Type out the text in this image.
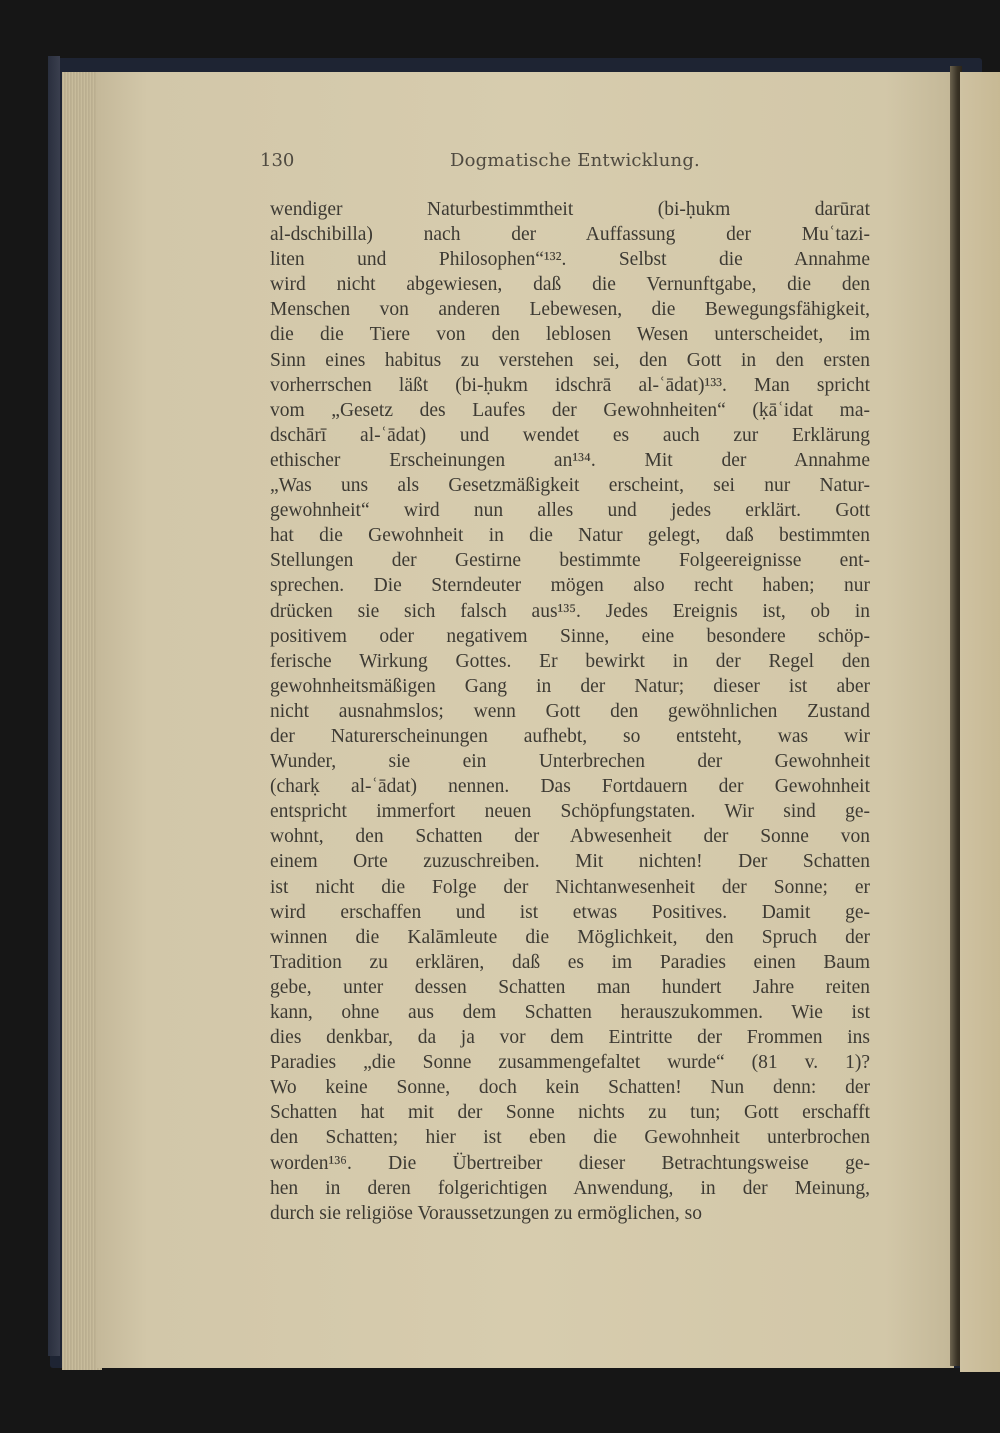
130	Dogmatische Entwicklung.
wendiger Naturbestimmtheit (bi-ḥukm darūrat
al-dschibilla) nach der Auffassung der Muʿtazi-
liten und Philosophen“¹³². Selbst die Annahme
wird nicht abgewiesen, daß die Vernunftgabe, die den
Menschen von anderen Lebewesen, die Bewegungsfähigkeit,
die die Tiere von den leblosen Wesen unterscheidet, im
Sinn eines habitus zu verstehen sei, den Gott in den ersten
vorherrschen läßt (bi-ḥukm idschrā al-ʿādat)¹³³. Man spricht
vom „Gesetz des Laufes der Gewohnheiten“ (ḳāʿidat ma-
dschārī al-ʿādat) und wendet es auch zur Erklärung
ethischer Erscheinungen an¹³⁴. Mit der Annahme
„Was uns als Gesetzmäßigkeit erscheint, sei nur Natur-
gewohnheit“ wird nun alles und jedes erklärt. Gott
hat die Gewohnheit in die Natur gelegt, daß bestimmten
Stellungen der Gestirne bestimmte Folgeereignisse ent-
sprechen. Die Sterndeuter mögen also recht haben; nur
drücken sie sich falsch aus¹³⁵. Jedes Ereignis ist, ob in
positivem oder negativem Sinne, eine besondere schöp-
ferische Wirkung Gottes. Er bewirkt in der Regel den
gewohnheitsmäßigen Gang in der Natur; dieser ist aber
nicht ausnahmslos; wenn Gott den gewöhnlichen Zustand
der Naturerscheinungen aufhebt, so entsteht, was wir
Wunder, sie ein Unterbrechen der Gewohnheit
(charḳ al-ʿādat) nennen. Das Fortdauern der Gewohnheit
entspricht immerfort neuen Schöpfungstaten. Wir sind ge-
wohnt, den Schatten der Abwesenheit der Sonne von
einem Orte zuzuschreiben. Mit nichten! Der Schatten
ist nicht die Folge der Nichtanwesenheit der Sonne; er
wird erschaffen und ist etwas Positives. Damit ge-
winnen die Kalāmleute die Möglichkeit, den Spruch der
Tradition zu erklären, daß es im Paradies einen Baum
gebe, unter dessen Schatten man hundert Jahre reiten
kann, ohne aus dem Schatten herauszukommen. Wie ist
dies denkbar, da ja vor dem Eintritte der Frommen ins
Paradies „die Sonne zusammengefaltet wurde“ (81 v. 1)?
Wo keine Sonne, doch kein Schatten! Nun denn: der
Schatten hat mit der Sonne nichts zu tun; Gott erschafft
den Schatten; hier ist eben die Gewohnheit unterbrochen
worden¹³⁶. Die Übertreiber dieser Betrachtungsweise ge-
hen in deren folgerichtigen Anwendung, in der Meinung,
durch sie religiöse Voraussetzungen zu ermöglichen, so
